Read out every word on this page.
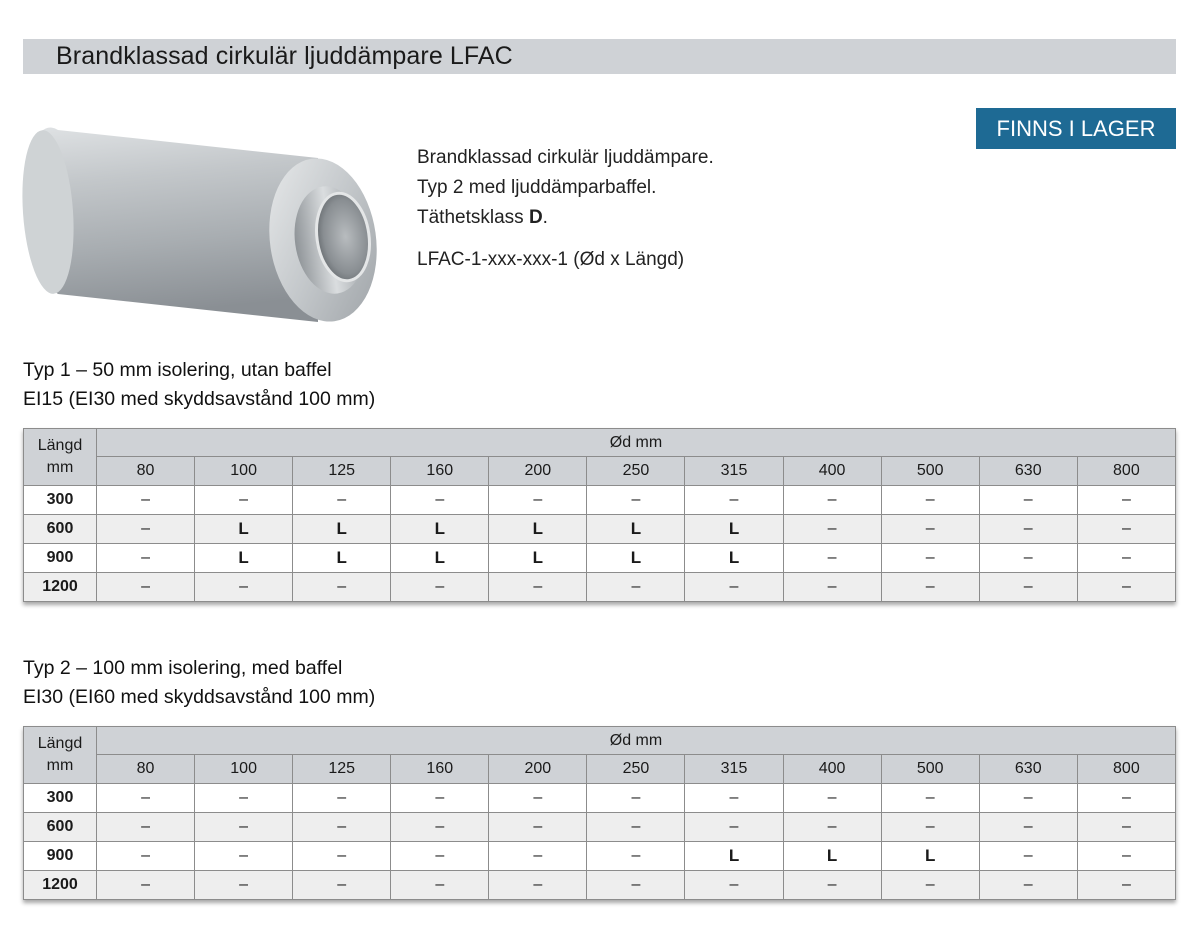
Brandklassad cirkulär ljuddämpare LFAC
FINNS I LAGER

Brandklassad cirkulär ljuddämpare.

Typ 2 med ljuddämparbaffel.

Täthetsklass D.

LFAC-1-xxx-xxx-1 (Ød x Längd)

Typ 1 – 50 mm isolering, utan baffel
EI15 (EI30 med skyddsavstånd 100 mm)
Längd
mm	Ød mm										
	80	100	125	160	200	250	315	400	500	630	800
300	–	–	–	–	–	–	–	–	–	–	–
600	–	L	L	L	L	L	L	–	–	–	–
900	–	L	L	L	L	L	L	–	–	–	–
1200	–	–	–	–	–	–	–	–	–	–	–
Typ 2 – 100 mm isolering, med baffel
EI30 (EI60 med skyddsavstånd 100 mm)
Längd
mm	Ød mm										
	80	100	125	160	200	250	315	400	500	630	800
300	–	–	–	–	–	–	–	–	–	–	–
600	–	–	–	–	–	–	–	–	–	–	–
900	–	–	–	–	–	–	L	L	L	–	–
1200	–	–	–	–	–	–	–	–	–	–	–
